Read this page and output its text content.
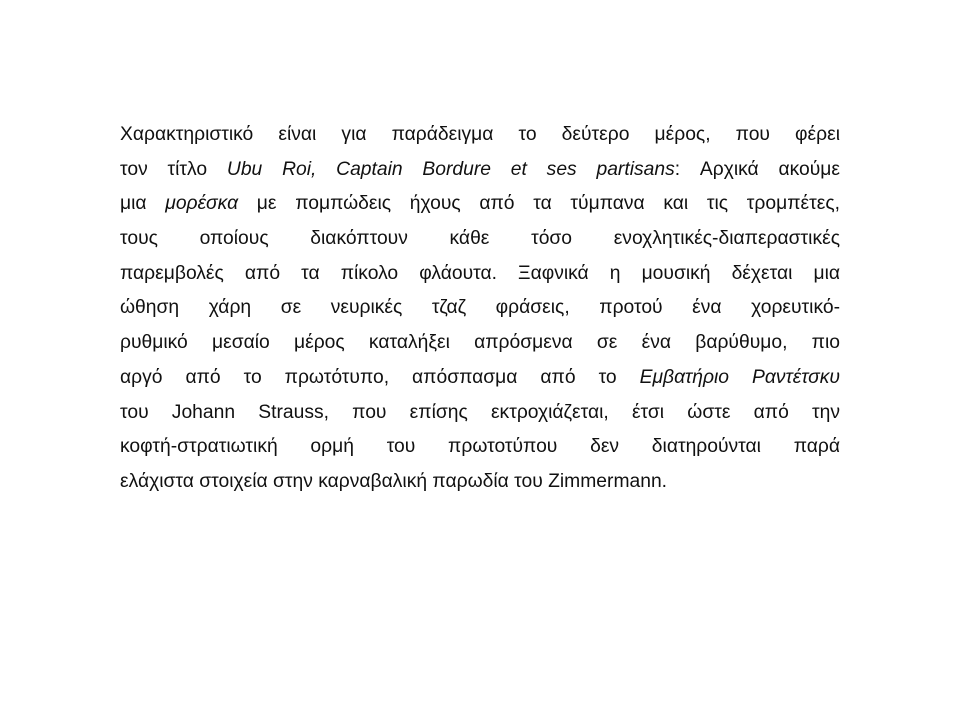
Χαρακτηριστικό είναι για παράδειγμα το δεύτερο μέρος, που φέρει
τον τίτλο Ubu Roi, Captain Bordure et ses partisans: Αρχικά ακούμε
μια μορέσκα με πομπώδεις ήχους από τα τύμπανα και τις τρομπέτες,
τους οποίους διακόπτουν κάθε τόσο ενοχλητικές-διαπεραστικές
παρεμβολές από τα πίκολο φλάουτα. Ξαφνικά η μουσική δέχεται μια
ώθηση χάρη σε νευρικές τζαζ φράσεις, προτού ένα χορευτικό-
ρυθμικό μεσαίο μέρος καταλήξει απρόσμενα σε ένα βαρύθυμο, πιο
αργό από το πρωτότυπο, απόσπασμα από το Εμβατήριο Ραντέτσκυ
του Johann Strauss, που επίσης εκτροχιάζεται, έτσι ώστε από την
κοφτή-στρατιωτική ορμή του πρωτοτύπου δεν διατηρούνται παρά
ελάχιστα στοιχεία στην καρναβαλική παρωδία του Zimmermann.
